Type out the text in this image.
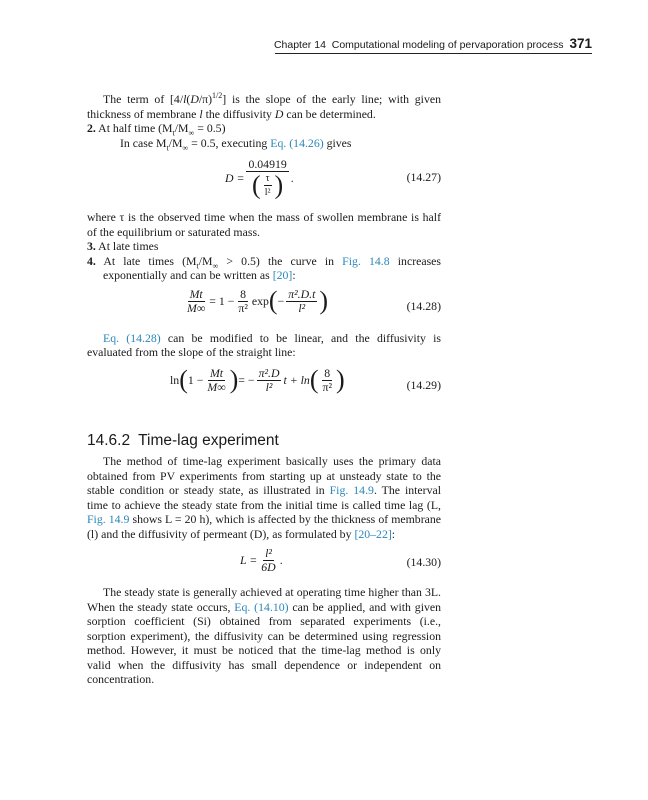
Chapter 14 Computational modeling of pervaporation process 371

The term of $[4/l(D/\pi)^{1/2}]$ is the slope of the early line; with given thickness of membrane l the diffusivity D can be determined.

2. At half time $(M_t/M_\infty = 0.5)$

In case $M_t/M_\infty = 0.5$, executing Eq. (14.26) gives

$D = \frac{0.04919}{( \frac{\tau}{\text{l²}} )}$ .	(14.27)

where τ is the observed time when the mass of swollen membrane is half of the equilibrium or saturated mass.

3. At late times

4. At late times $(M_t/M_\infty > 0.5)$ the curve in Fig. 14.8 increases exponentially and can be written as [20]:

$\frac{Mt}{M\infty} = 1 - \frac{8}{\text{π²}}$ exp ( − $\frac{\text{π².D.t}}{\text{l²}}$ )	(14.28)

Eq. (14.28) can be modified to be linear, and the diffusivity is evaluated from the slope of the straight line:

ln ( $1 - \frac{Mt}{M\infty}$ ) = − $\frac{\text{π².D}}{\text{l²}}$ t + ln ( $\frac{8}{\text{π²}}$ )	(14.29)
14.6.2 Time-lag experiment

The method of time-lag experiment basically uses the primary data obtained from PV experiments from starting up at unsteady state to the stable condition or steady state, as illustrated in Fig. 14.9. The interval time to achieve the steady state from the initial time is called time lag (L, Fig. 14.9 shows L = 20 h), which is affected by the thickness of membrane (l) and the diffusivity of permeant (D), as formulated by [20–22]:

$L = \frac{\text{l²}}{6D}$ .	(14.30)

The steady state is generally achieved at operating time higher than 3L. When the steady state occurs, Eq. (14.10) can be applied, and with given sorption coefficient (Si) obtained from separated experiments (i.e., sorption experiment), the diffusivity can be determined using regression method. However, it must be noticed that the time-lag method is only valid when the diffusivity has small dependence or independent on concentration.
